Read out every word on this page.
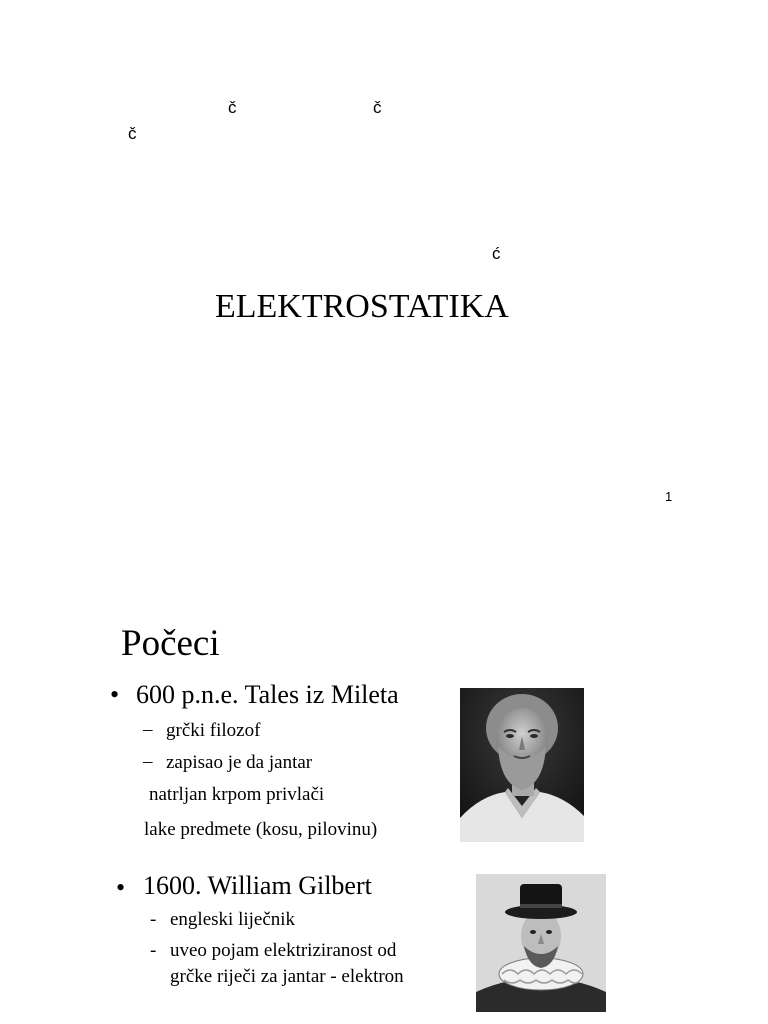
č	č
č
ć
ELEKTROSTATIKA
1
Počeci
• 600 p.n.e. Tales iz Mileta
– grčki filozof
– zapisao je da jantar
natrljan krpom privlači
lake predmete (kosu, pilovinu)
• 1600. William Gilbert
- engleski liječnik
- uveo pojam elektriziranost od
grčke riječi za jantar - elektron
